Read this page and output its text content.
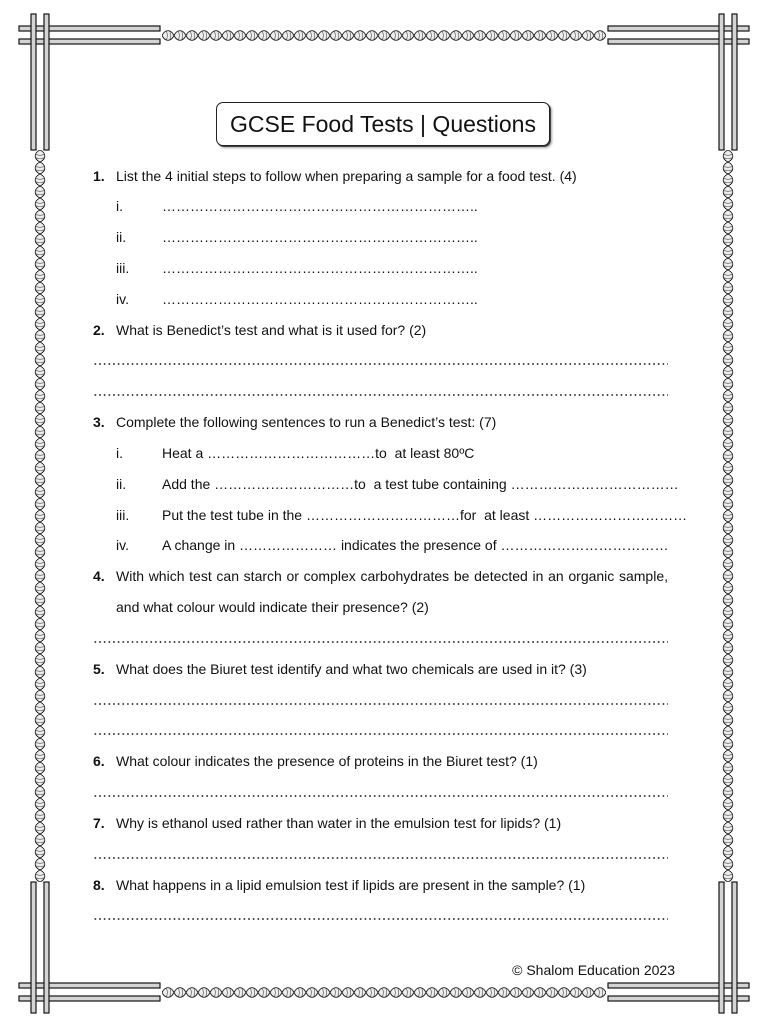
GCSE Food Tests | Questions
1. List the 4 initial steps to follow when preparing a sample for a food test. (4)
i.	…………………………………………………………..
ii.	…………………………………………………………..
iii.	…………………………………………………………..
iv.	…………………………………………………………..
2. What is Benedict’s test and what is it used for? (2)
3. Complete the following sentences to run a Benedict’s test: (7)
i.	Heat a ………………………………to  at least 80ºC
ii.	Add the …………………………to  a test tube containing ………………………………
iii.	Put the test tube in the ……………………………for  at least ……………………………
iv.	A change in ………………… indicates the presence of ………………………………
4. With which test can starch or complex carbohydrates be detected in an organic sample, and what colour would indicate their presence? (2)
5. What does the Biuret test identify and what two chemicals are used in it? (3)
6. What colour indicates the presence of proteins in the Biuret test? (1)
7. Why is ethanol used rather than water in the emulsion test for lipids? (1)
8. What happens in a lipid emulsion test if lipids are present in the sample? (1)
© Shalom Education 2023
